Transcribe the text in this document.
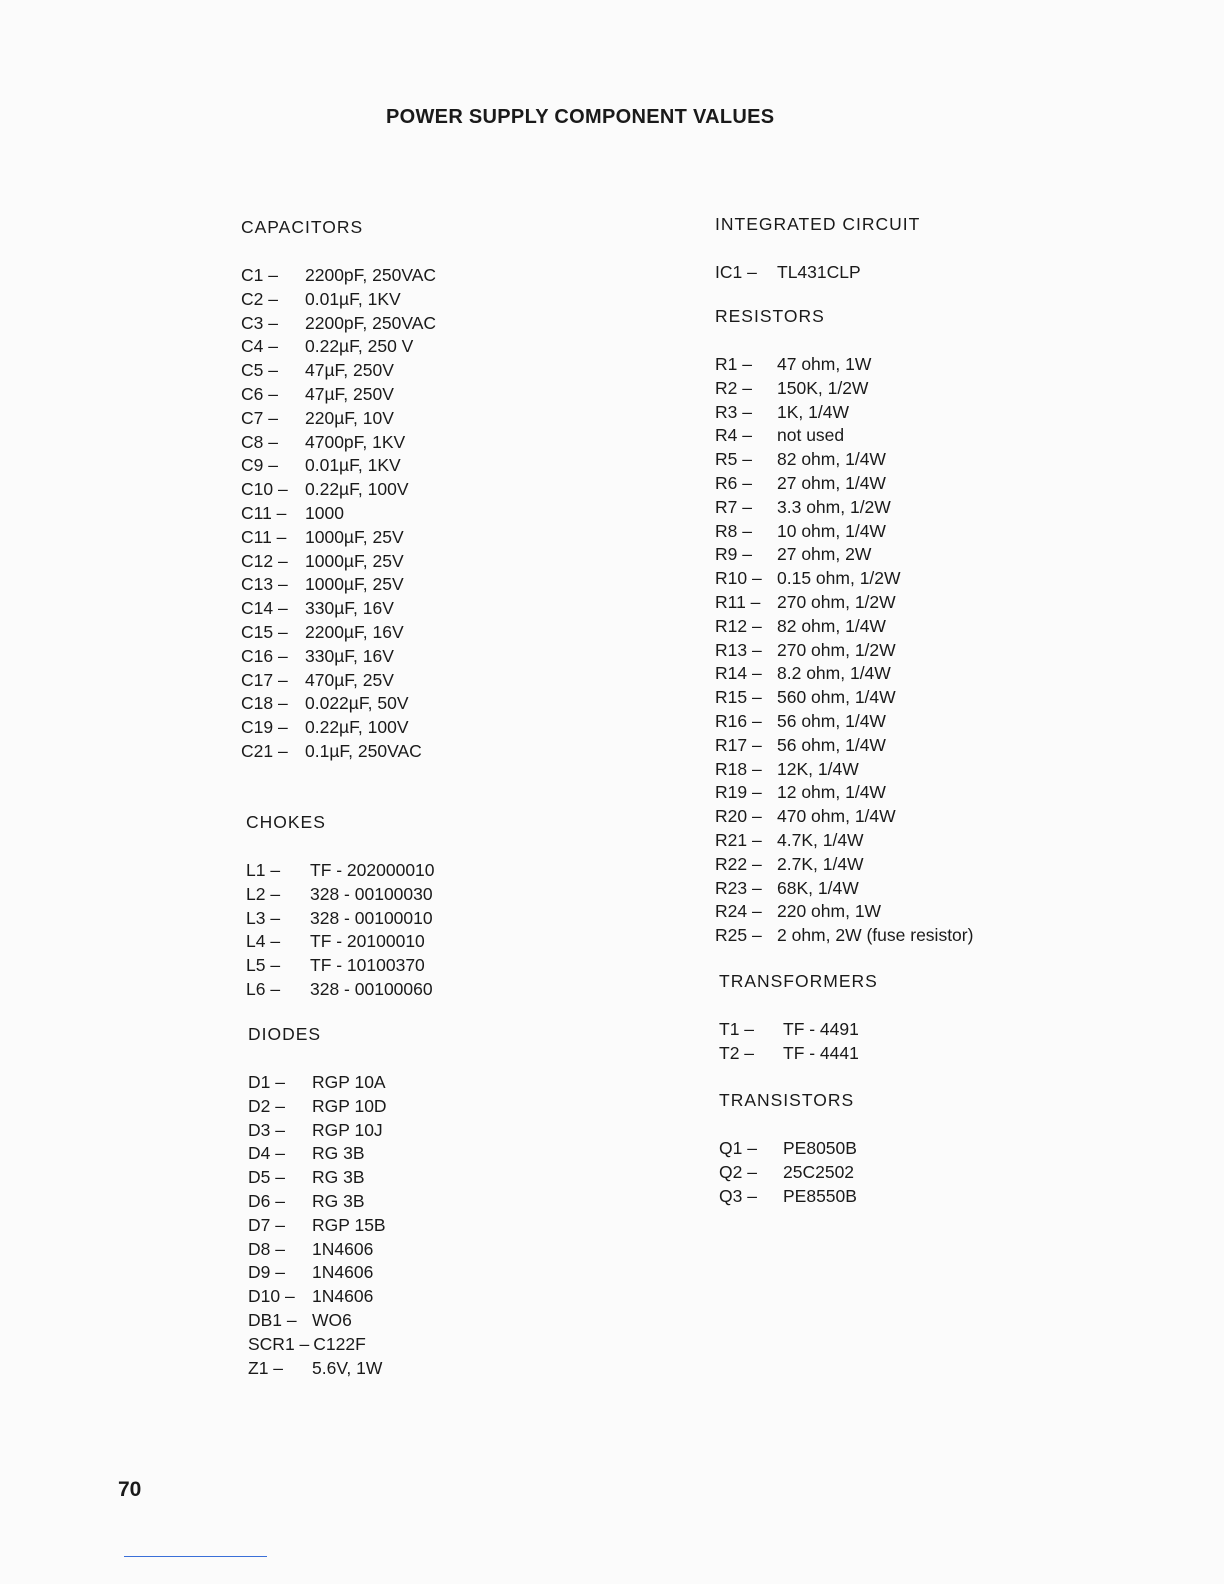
POWER SUPPLY COMPONENT VALUES
CAPACITORS
C1 –	2200pF, 250VAC
C2 –	0.01µF, 1KV
C3 –	2200pF, 250VAC
C4 –	0.22µF, 250 V
C5 –	47µF, 250V
C6 –	47µF, 250V
C7 –	220µF, 10V
C8 –	4700pF, 1KV
C9 –	0.01µF, 1KV
C10 – 0.22µF, 100V
C11 –	1000
C11 –	1000µF, 25V
C12 – 1000µF, 25V
C13 – 1000µF, 25V
C14 – 330µF, 16V
C15 – 2200µF, 16V
C16 – 330µF, 16V
C17 – 470µF, 25V
C18 – 0.022µF, 50V
C19 – 0.22µF, 100V
C21 – 0.1µF, 250VAC
CHOKES
L1 –	TF - 202000010
L2 –	328 - 00100030
L3 –	328 - 00100010
L4 –	TF - 20100010
L5 –	TF - 10100370
L6 –	328 - 00100060
DIODES
D1 –	RGP 10A
D2 –	RGP 10D
D3 –	RGP 10J
D4 –	RG 3B
D5 –	RG 3B
D6 –	RG 3B
D7 –	RGP 15B
D8 –	1N4606
D9 –	1N4606
D10 – 1N4606
DB1 – WO6
SCR1 – C122F
Z1 –	5.6V, 1W
INTEGRATED CIRCUIT
IC1 –	TL431CLP
RESISTORS
R1 –	47 ohm, 1W
R2 –	150K, 1/2W
R3 –	1K, 1/4W
R4 –	not used
R5 –	82 ohm, 1/4W
R6 –	27 ohm, 1/4W
R7 –	3.3 ohm, 1/2W
R8 –	10 ohm, 1/4W
R9 –	27 ohm, 2W
R10 – 0.15 ohm, 1/2W
R11 – 270 ohm, 1/2W
R12 – 82 ohm, 1/4W
R13 – 270 ohm, 1/2W
R14 – 8.2 ohm, 1/4W
R15 – 560 ohm, 1/4W
R16 – 56 ohm, 1/4W
R17 – 56 ohm, 1/4W
R18 – 12K, 1/4W
R19 – 12 ohm, 1/4W
R20 – 470 ohm, 1/4W
R21 – 4.7K, 1/4W
R22 – 2.7K, 1/4W
R23 – 68K, 1/4W
R24 – 220 ohm, 1W
R25 – 2 ohm, 2W (fuse resistor)
TRANSFORMERS
T1 –	TF - 4491
T2 –	TF - 4441
TRANSISTORS
Q1 –	PE8050B
Q2 –	25C2502
Q3 –	PE8550B
70
